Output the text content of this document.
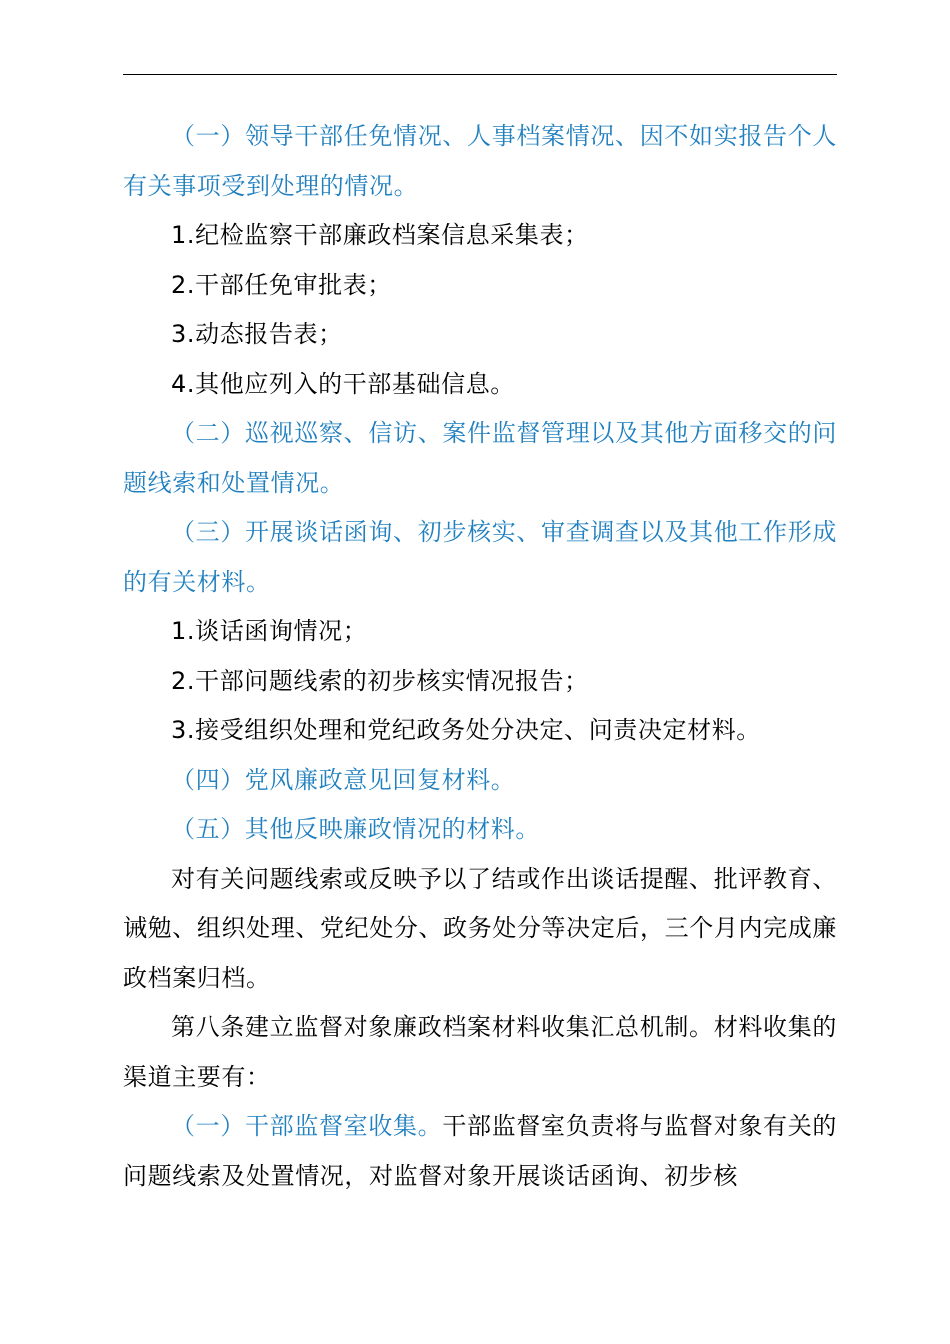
（一）领导干部任免情况、人事档案情况、因不如实报告个人有关事项受到处理的情况。

1.纪检监察干部廉政档案信息采集表；

2.干部任免审批表；

3.动态报告表；

4.其他应列入的干部基础信息。

（二）巡视巡察、信访、案件监督管理以及其他方面移交的问题线索和处置情况。

（三）开展谈话函询、初步核实、审查调查以及其他工作形成的有关材料。

1.谈话函询情况；

2.干部问题线索的初步核实情况报告；

3.接受组织处理和党纪政务处分决定、问责决定材料。

（四）党风廉政意见回复材料。

（五）其他反映廉政情况的材料。

对有关问题线索或反映予以了结或作出谈话提醒、批评教育、诫勉、组织处理、党纪处分、政务处分等决定后，三个月内完成廉政档案归档。

第八条建立监督对象廉政档案材料收集汇总机制。材料收集的渠道主要有：

（一）干部监督室收集。干部监督室负责将与监督对象有关的问题线索及处置情况，对监督对象开展谈话函询、初步核
